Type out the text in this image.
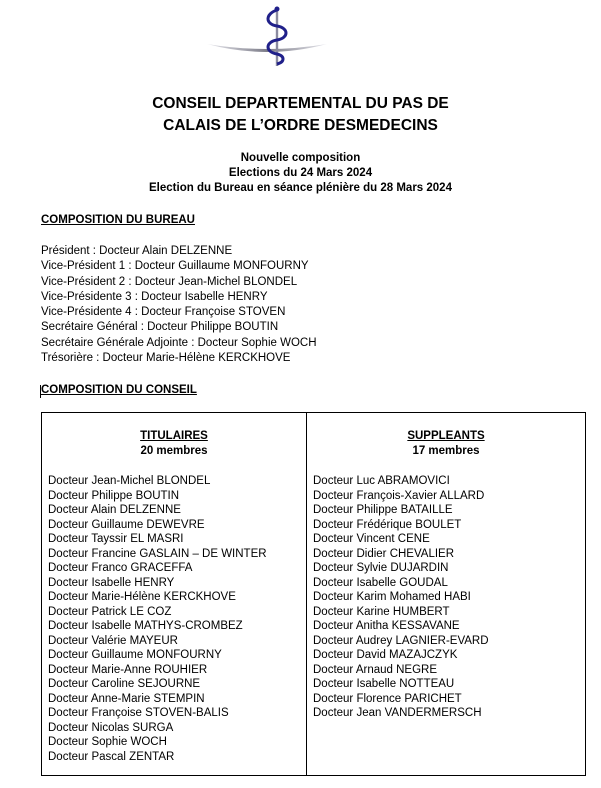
CONSEIL DEPARTEMENTAL DU PAS DE
CALAIS DE L’ORDRE DESMEDECINS
Nouvelle composition
Elections du 24 Mars 2024
Election du Bureau en séance plénière du 28 Mars 2024
COMPOSITION DU BUREAU
Président : Docteur Alain DELZENNE
Vice-Président 1 : Docteur Guillaume MONFOURNY
Vice-Président 2 : Docteur Jean-Michel BLONDEL
Vice-Présidente 3 : Docteur Isabelle HENRY
Vice-Présidente 4 : Docteur Françoise STOVEN
Secrétaire Général : Docteur Philippe BOUTIN
Secrétaire Générale Adjointe : Docteur Sophie WOCH
Trésorière : Docteur Marie-Hélène KERCKHOVE
COMPOSITION DU CONSEIL
TITULAIRES
20 membres
Docteur Jean-Michel BLONDEL
Docteur Philippe BOUTIN
Docteur Alain DELZENNE
Docteur Guillaume DEWEVRE
Docteur Tayssir EL MASRI
Docteur Francine GASLAIN – DE WINTER
Docteur Franco GRACEFFA
Docteur Isabelle HENRY
Docteur Marie-Hélène KERCKHOVE
Docteur Patrick LE COZ
Docteur Isabelle MATHYS-CROMBEZ
Docteur Valérie MAYEUR
Docteur Guillaume MONFOURNY
Docteur Marie-Anne ROUHIER
Docteur Caroline SEJOURNE
Docteur Anne-Marie STEMPIN
Docteur Françoise STOVEN-BALIS
Docteur Nicolas SURGA
Docteur Sophie WOCH
Docteur Pascal ZENTAR
SUPPLEANTS
17 membres
Docteur Luc ABRAMOVICI
Docteur François-Xavier ALLARD
Docteur Philippe BATAILLE
Docteur Frédérique BOULET
Docteur Vincent CENE
Docteur Didier CHEVALIER
Docteur Sylvie DUJARDIN
Docteur Isabelle GOUDAL
Docteur Karim Mohamed HABI
Docteur Karine HUMBERT
Docteur Anitha KESSAVANE
Docteur Audrey LAGNIER-EVARD
Docteur David MAZAJCZYK
Docteur Arnaud NEGRE
Docteur Isabelle NOTTEAU
Docteur Florence PARICHET
Docteur Jean VANDERMERSCH
